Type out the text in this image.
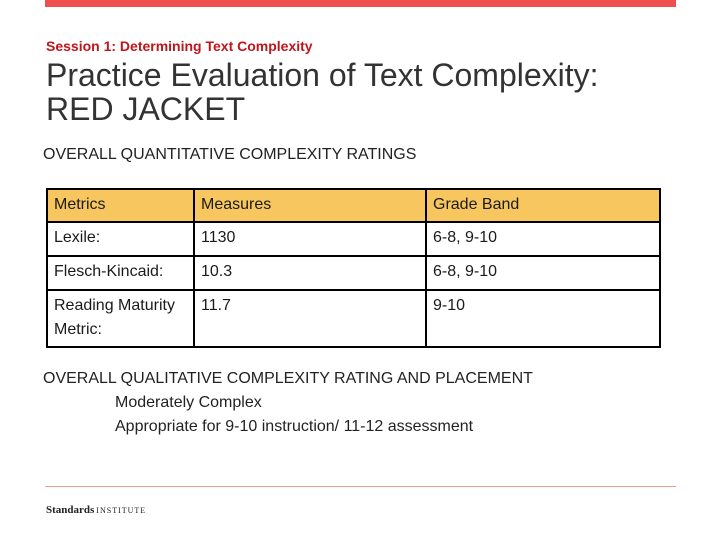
Session 1: Determining Text Complexity
Practice Evaluation of Text Complexity:
RED JACKET
OVERALL QUANTITATIVE COMPLEXITY RATINGS
Metrics	Measures	Grade Band
Lexile:	1130	6-8, 9-10
Flesch-Kincaid:	10.3	6-8, 9-10
Reading Maturity Metric:	11.7	9-10
OVERALL QUALITATIVE COMPLEXITY RATING AND PLACEMENT
Moderately Complex
Appropriate for 9-10 instruction/ 11-12 assessment
Standards INSTITUTE
